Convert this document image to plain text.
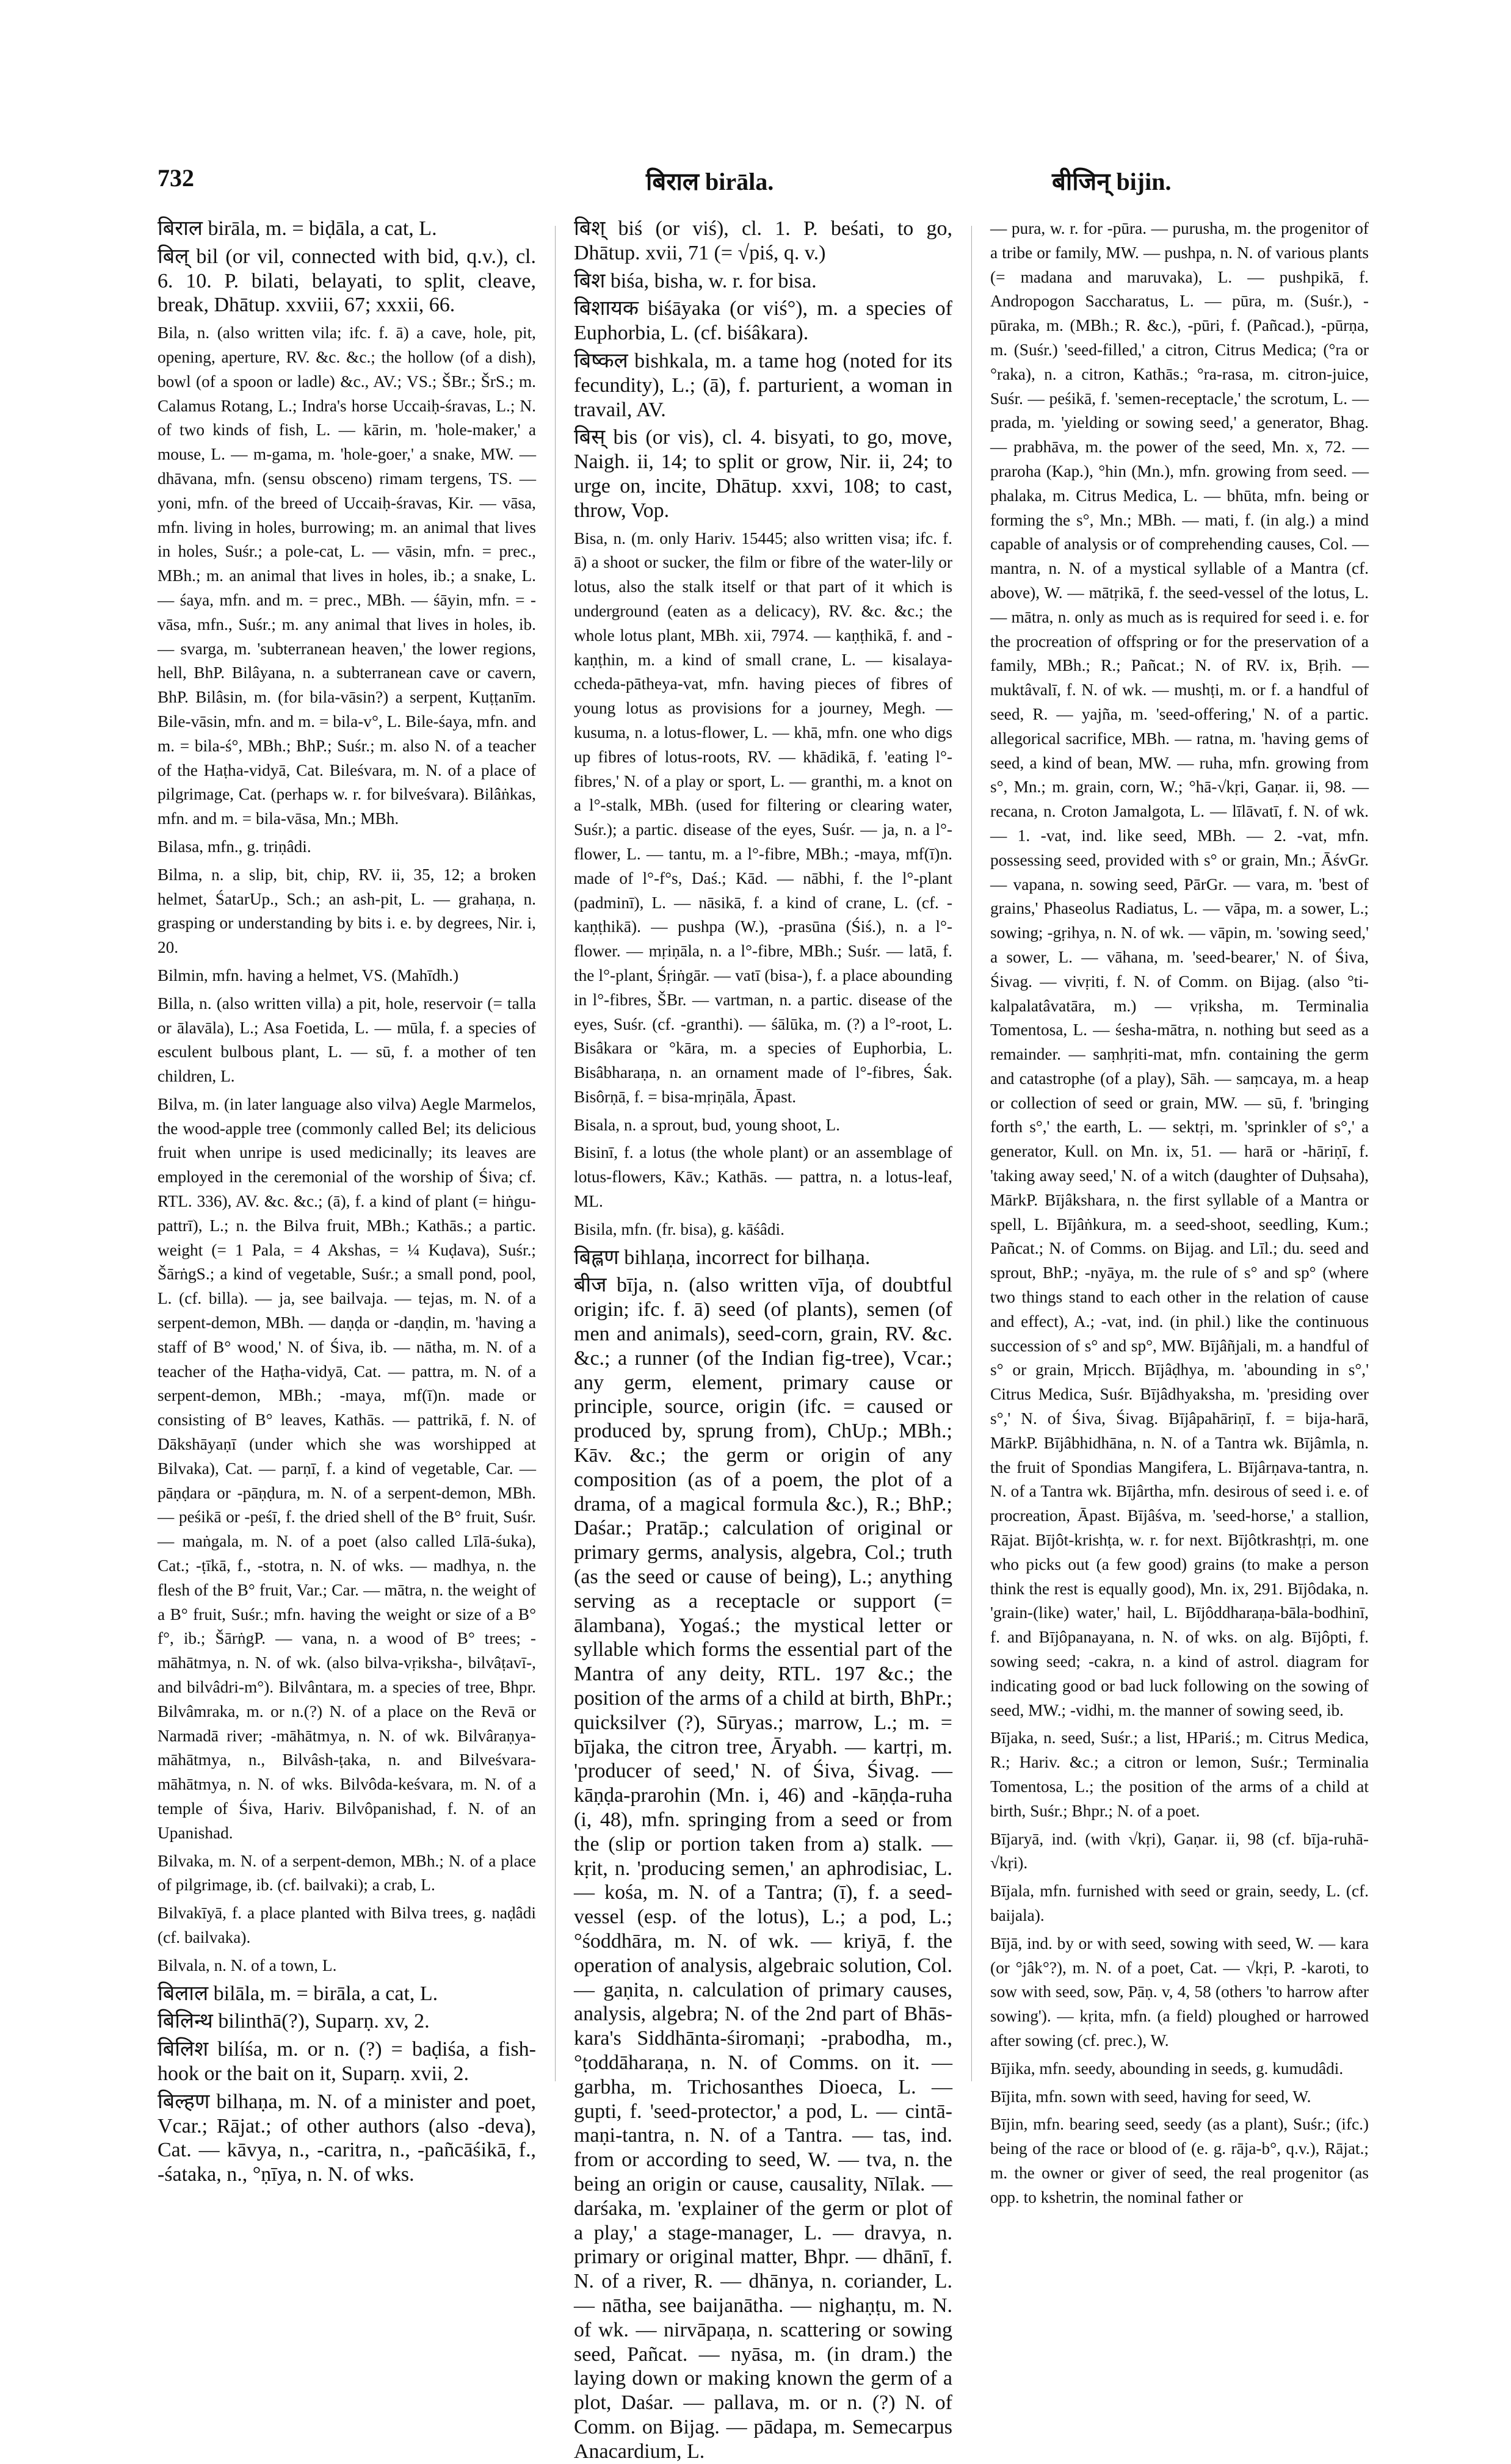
732	बिराल birāla.	बीजिन् bijin.

बिराल birāla, m. = biḍāla, a cat, L.

बिल् bil (or vil, connected with bid, q.v.), cl. 6. 10. P. bilati, belayati, to split, cleave, break, Dhātup. xxviii, 67; xxxii, 66.

Bila, n. (also written vila; ifc. f. ā) a cave, hole, pit, opening, aperture, RV. &c. &c.; the hollow (of a dish), bowl (of a spoon or ladle) &c., AV.; VS.; ŠBr.; ŠrS.; m. Calamus Rotang, L.; Indra's horse Uccaiḥ-śravas, L.; N. of two kinds of fish, L. — kārin, m. 'hole-maker,' a mouse, L. — m-gama, m. 'hole-goer,' a snake, MW. — dhāvana, mfn. (sensu obsceno) rimam tergens, TS. — yoni, mfn. of the breed of Uccaiḥ-śravas, Kir. — vāsa, mfn. living in holes, burrowing; m. an animal that lives in holes, Suśr.; a pole-cat, L. — vāsin, mfn. = prec., MBh.; m. an animal that lives in holes, ib.; a snake, L. — śaya, mfn. and m. = prec., MBh. — śāyin, mfn. = -vāsa, mfn., Suśr.; m. any animal that lives in holes, ib. — svarga, m. 'subterranean heaven,' the lower regions, hell, BhP. Bilâyana, n. a subterranean cave or cavern, BhP. Bilâsin, m. (for bila-vāsin?) a serpent, Kuṭṭanīm. Bile-vāsin, mfn. and m. = bila-v°, L. Bile-śaya, mfn. and m. = bila-ś°, MBh.; BhP.; Suśr.; m. also N. of a teacher of the Haṭha-vidyā, Cat. Bileśvara, m. N. of a place of pilgrimage, Cat. (perhaps w. r. for bilveśvara). Bilâṅkas, mfn. and m. = bila-vāsa, Mn.; MBh.

Bilasa, mfn., g. triṇâdi.

Bilma, n. a slip, bit, chip, RV. ii, 35, 12; a broken helmet, ŚatarUp., Sch.; an ash-pit, L. — grahaṇa, n. grasping or understanding by bits i. e. by degrees, Nir. i, 20.

Bilmin, mfn. having a helmet, VS. (Mahīdh.)

Billa, n. (also written villa) a pit, hole, reservoir (= talla or ālavāla), L.; Asa Foetida, L. — mūla, f. a species of esculent bulbous plant, L. — sū, f. a mother of ten children, L.

Bilva, m. (in later language also vilva) Aegle Marmelos, the wood-apple tree (commonly called Bel; its delicious fruit when unripe is used medicinally; its leaves are employed in the ceremonial of the worship of Śiva; cf. RTL. 336), AV. &c. &c.; (ā), f. a kind of plant (= hiṅgu-pattrī), L.; n. the Bilva fruit, MBh.; Kathās.; a partic. weight (= 1 Pala, = 4 Akshas, = ¼ Kuḍava), Suśr.; ŠārṅgS.; a kind of vegetable, Suśr.; a small pond, pool, L. (cf. billa). — ja, see bailvaja. — tejas, m. N. of a serpent-demon, MBh. — daṇḍa or -daṇḍin, m. 'having a staff of B° wood,' N. of Śiva, ib. — nātha, m. N. of a teacher of the Haṭha-vidyā, Cat. — pattra, m. N. of a serpent-demon, MBh.; -maya, mf(ī)n. made or consisting of B° leaves, Kathās. — pattrikā, f. N. of Dākshāyaṇī (under which she was worshipped at Bilvaka), Cat. — parṇī, f. a kind of vegetable, Car. — pāṇḍara or -pāṇḍura, m. N. of a serpent-demon, MBh. — peśikā or -peśī, f. the dried shell of the B° fruit, Suśr. — maṅgala, m. N. of a poet (also called Līlā-śuka), Cat.; -ṭīkā, f., -stotra, n. N. of wks. — madhya, n. the flesh of the B° fruit, Var.; Car. — mātra, n. the weight of a B° fruit, Suśr.; mfn. having the weight or size of a B° f°, ib.; ŠārṅgP. — vana, n. a wood of B° trees; -māhātmya, n. N. of wk. (also bilva-vṛiksha-, bilvâṭavī-, and bilvâdri-m°). Bilvântara, m. a species of tree, Bhpr. Bilvâmraka, m. or n.(?) N. of a place on the Revā or Narmadā river; -māhātmya, n. N. of wk. Bilvâraṇya-māhātmya, n., Bilvâsh-ṭaka, n. and Bilveśvara-māhātmya, n. N. of wks. Bilvôda-keśvara, m. N. of a temple of Śiva, Hariv. Bilvôpanishad, f. N. of an Upanishad.

Bilvaka, m. N. of a serpent-demon, MBh.; N. of a place of pilgrimage, ib. (cf. bailvaki); a crab, L.

Bilvakīyā, f. a place planted with Bilva trees, g. naḍâdi (cf. bailvaka).

Bilvala, n. N. of a town, L.

बिलाल bilāla, m. = birāla, a cat, L.

बिलिन्थ bilinthā(?), Suparṇ. xv, 2.

बिलिश bilíśa, m. or n. (?) = baḍiśa, a fish-hook or the bait on it, Suparṇ. xvii, 2.

बिल्हण bilhaṇa, m. N. of a minister and poet, Vcar.; Rājat.; of other authors (also -deva), Cat. — kāvya, n., -caritra, n., -pañcāśikā, f., -śataka, n., °ṇīya, n. N. of wks.

बिश् biś (or viś), cl. 1. P. beśati, to go, Dhātup. xvii, 71 (= √piś, q. v.)

बिश biśa, bisha, w. r. for bisa.

बिशायक biśāyaka (or viś°), m. a species of Euphorbia, L. (cf. biśâkara).

बिष्कल bishkala, m. a tame hog (noted for its fecundity), L.; (ā), f. parturient, a woman in travail, AV.

बिस् bis (or vis), cl. 4. bisyati, to go, move, Naigh. ii, 14; to split or grow, Nir. ii, 24; to urge on, incite, Dhātup. xxvi, 108; to cast, throw, Vop.

Bisa, n. (m. only Hariv. 15445; also written visa; ifc. f. ā) a shoot or sucker, the film or fibre of the water-lily or lotus, also the stalk itself or that part of it which is underground (eaten as a delicacy), RV. &c. &c.; the whole lotus plant, MBh. xii, 7974. — kaṇṭhikā, f. and -kaṇṭhin, m. a kind of small crane, L. — kisalaya-ccheda-pātheya-vat, mfn. having pieces of fibres of young lotus as provisions for a journey, Megh. — kusuma, n. a lotus-flower, L. — khā, mfn. one who digs up fibres of lotus-roots, RV. — khādikā, f. 'eating l°-fibres,' N. of a play or sport, L. — granthi, m. a knot on a l°-stalk, MBh. (used for filtering or clearing water, Suśr.); a partic. disease of the eyes, Suśr. — ja, n. a l°-flower, L. — tantu, m. a l°-fibre, MBh.; -maya, mf(ī)n. made of l°-f°s, Daś.; Kād. — nābhi, f. the l°-plant (padminī), L. — nāsikā, f. a kind of crane, L. (cf. -kaṇṭhikā). — pushpa (W.), -prasūna (Śiś.), n. a l°-flower. — mṛiṇāla, n. a l°-fibre, MBh.; Suśr. — latā, f. the l°-plant, Śṛiṅgār. — vatī (bisa-), f. a place abounding in l°-fibres, ŠBr. — vartman, n. a partic. disease of the eyes, Suśr. (cf. -granthi). — śālūka, m. (?) a l°-root, L. Bisâkara or °kāra, m. a species of Euphorbia, L. Bisâbharaṇa, n. an ornament made of l°-fibres, Śak. Bisôrṇā, f. = bisa-mṛiṇāla, Āpast.

Bisala, n. a sprout, bud, young shoot, L.

Bisinī, f. a lotus (the whole plant) or an assemblage of lotus-flowers, Kāv.; Kathās. — pattra, n. a lotus-leaf, ML.

Bisila, mfn. (fr. bisa), g. kāśâdi.

बिह्लण bihlaṇa, incorrect for bilhaṇa.

बीज bīja, n. (also written vīja, of doubtful origin; ifc. f. ā) seed (of plants), semen (of men and animals), seed-corn, grain, RV. &c. &c.; a runner (of the Indian fig-tree), Vcar.; any germ, element, primary cause or principle, source, origin (ifc. = caused or produced by, sprung from), ChUp.; MBh.; Kāv. &c.; the germ or origin of any composition (as of a poem, the plot of a drama, of a magical formula &c.), R.; BhP.; Daśar.; Pratāp.; calculation of original or primary germs, analysis, algebra, Col.; truth (as the seed or cause of being), L.; anything serving as a receptacle or support (= ālambana), Yogaś.; the mystical letter or syllable which forms the essential part of the Mantra of any deity, RTL. 197 &c.; the position of the arms of a child at birth, BhPr.; quicksilver (?), Sūryas.; marrow, L.; m. = bījaka, the citron tree, Āryabh. — kartṛi, m. 'producer of seed,' N. of Śiva, Śivag. — kāṇḍa-prarohin (Mn. i, 46) and -kāṇḍa-ruha (i, 48), mfn. springing from a seed or from the (slip or portion taken from a) stalk. — kṛit, n. 'producing semen,' an aphrodisiac, L. — kośa, m. N. of a Tantra; (ī), f. a seed-vessel (esp. of the lotus), L.; a pod, L.; °śoddhāra, m. N. of wk. — kriyā, f. the operation of analysis, algebraic solution, Col. — gaṇita, n. calculation of primary causes, analysis, algebra; N. of the 2nd part of Bhās-kara's Siddhānta-śiromaṇi; -prabodha, m., °ṭoddāharaṇa, n. N. of Comms. on it. — garbha, m. Trichosanthes Dioeca, L. — gupti, f. 'seed-protector,' a pod, L. — cintā-maṇi-tantra, n. N. of a Tantra. — tas, ind. from or according to seed, W. — tva, n. the being an origin or cause, causality, Nīlak. — darśaka, m. 'explainer of the germ or plot of a play,' a stage-manager, L. — dravya, n. primary or original matter, Bhpr. — dhānī, f. N. of a river, R. — dhānya, n. coriander, L. — nātha, see baijanātha. — nighaṇṭu, m. N. of wk. — nirvāpaṇa, n. scattering or sowing seed, Pañcat. — nyāsa, m. (in dram.) the laying down or making known the germ of a plot, Daśar. — pallava, m. or n. (?) N. of Comm. on Bijag. — pādapa, m. Semecarpus Anacardium, L.

— pura, w. r. for -pūra. — purusha, m. the progenitor of a tribe or family, MW. — pushpa, n. N. of various plants (= madana and maruvaka), L. — pushpikā, f. Andropogon Saccharatus, L. — pūra, m. (Suśr.), -pūraka, m. (MBh.; R. &c.), -pūri, f. (Pañcad.), -pūrṇa, m. (Suśr.) 'seed-filled,' a citron, Citrus Medica; (°ra or °raka), n. a citron, Kathās.; °ra-rasa, m. citron-juice, Suśr. — peśikā, f. 'semen-receptacle,' the scrotum, L. — prada, m. 'yielding or sowing seed,' a generator, Bhag. — prabhāva, m. the power of the seed, Mn. x, 72. — praroha (Kap.), °hin (Mn.), mfn. growing from seed. — phalaka, m. Citrus Medica, L. — bhūta, mfn. being or forming the s°, Mn.; MBh. — mati, f. (in alg.) a mind capable of analysis or of comprehending causes, Col. — mantra, n. N. of a mystical syllable of a Mantra (cf. above), W. — mātṛikā, f. the seed-vessel of the lotus, L. — mātra, n. only as much as is required for seed i. e. for the procreation of offspring or for the preservation of a family, MBh.; R.; Pañcat.; N. of RV. ix, Bṛih. — muktâvalī, f. N. of wk. — mushṭi, m. or f. a handful of seed, R. — yajña, m. 'seed-offering,' N. of a partic. allegorical sacrifice, MBh. — ratna, m. 'having gems of seed, a kind of bean, MW. — ruha, mfn. growing from s°, Mn.; m. grain, corn, W.; °hā-√kṛi, Gaṇar. ii, 98. — recana, n. Croton Jamalgota, L. — līlāvatī, f. N. of wk. — 1. -vat, ind. like seed, MBh. — 2. -vat, mfn. possessing seed, provided with s° or grain, Mn.; ĀśvGr. — vapana, n. sowing seed, PārGr. — vara, m. 'best of grains,' Phaseolus Radiatus, L. — vāpa, m. a sower, L.; sowing; -gṛihya, n. N. of wk. — vāpin, m. 'sowing seed,' a sower, L. — vāhana, m. 'seed-bearer,' N. of Śiva, Śivag. — vivṛiti, f. N. of Comm. on Bijag. (also °ti-kalpalatâvatāra, m.) — vṛiksha, m. Terminalia Tomentosa, L. — śesha-mātra, n. nothing but seed as a remainder. — saṃhṛiti-mat, mfn. containing the germ and catastrophe (of a play), Sāh. — saṃcaya, m. a heap or collection of seed or grain, MW. — sū, f. 'bringing forth s°,' the earth, L. — sektṛi, m. 'sprinkler of s°,' a generator, Kull. on Mn. ix, 51. — harā or -hāriṇī, f. 'taking away seed,' N. of a witch (daughter of Duḥsaha), MārkP. Bījâkshara, n. the first syllable of a Mantra or spell, L. Bījâṅkura, m. a seed-shoot, seedling, Kum.; Pañcat.; N. of Comms. on Bijag. and Līl.; du. seed and sprout, BhP.; -nyāya, m. the rule of s° and sp° (where two things stand to each other in the relation of cause and effect), A.; -vat, ind. (in phil.) like the continuous succession of s° and sp°, MW. Bījâñjali, m. a handful of s° or grain, Mṛicch. Bījâḍhya, m. 'abounding in s°,' Citrus Medica, Suśr. Bījâdhyaksha, m. 'presiding over s°,' N. of Śiva, Śivag. Bījâpahāriṇī, f. = bija-harā, MārkP. Bījâbhidhāna, n. N. of a Tantra wk. Bījâmla, n. the fruit of Spondias Mangifera, L. Bījârṇava-tantra, n. N. of a Tantra wk. Bījârtha, mfn. desirous of seed i. e. of procreation, Āpast. Bījâśva, m. 'seed-horse,' a stallion, Rājat. Bījôt-krishṭa, w. r. for next. Bījôtkrashṭṛi, m. one who picks out (a few good) grains (to make a person think the rest is equally good), Mn. ix, 291. Bījôdaka, n. 'grain-(like) water,' hail, L. Bījôddharaṇa-bāla-bodhinī, f. and Bījôpanayana, n. N. of wks. on alg. Bījôpti, f. sowing seed; -cakra, n. a kind of astrol. diagram for indicating good or bad luck following on the sowing of seed, MW.; -vidhi, m. the manner of sowing seed, ib.

Bījaka, n. seed, Suśr.; a list, HPariś.; m. Citrus Medica, R.; Hariv. &c.; a citron or lemon, Suśr.; Terminalia Tomentosa, L.; the position of the arms of a child at birth, Suśr.; Bhpr.; N. of a poet.

Bījaryā, ind. (with √kṛi), Gaṇar. ii, 98 (cf. bīja-ruhā-√kṛi).

Bījala, mfn. furnished with seed or grain, seedy, L. (cf. baijala).

Bījā, ind. by or with seed, sowing with seed, W. — kara (or °jâk°?), m. N. of a poet, Cat. — √kṛi, P. -karoti, to sow with seed, sow, Pāṇ. v, 4, 58 (others 'to harrow after sowing'). — kṛita, mfn. (a field) ploughed or harrowed after sowing (cf. prec.), W.

Bījika, mfn. seedy, abounding in seeds, g. kumudâdi.

Bījita, mfn. sown with seed, having for seed, W.

Bījin, mfn. bearing seed, seedy (as a plant), Suśr.; (ifc.) being of the race or blood of (e. g. rāja-b°, q.v.), Rājat.; m. the owner or giver of seed, the real progenitor (as opp. to kshetrin, the nominal father or
